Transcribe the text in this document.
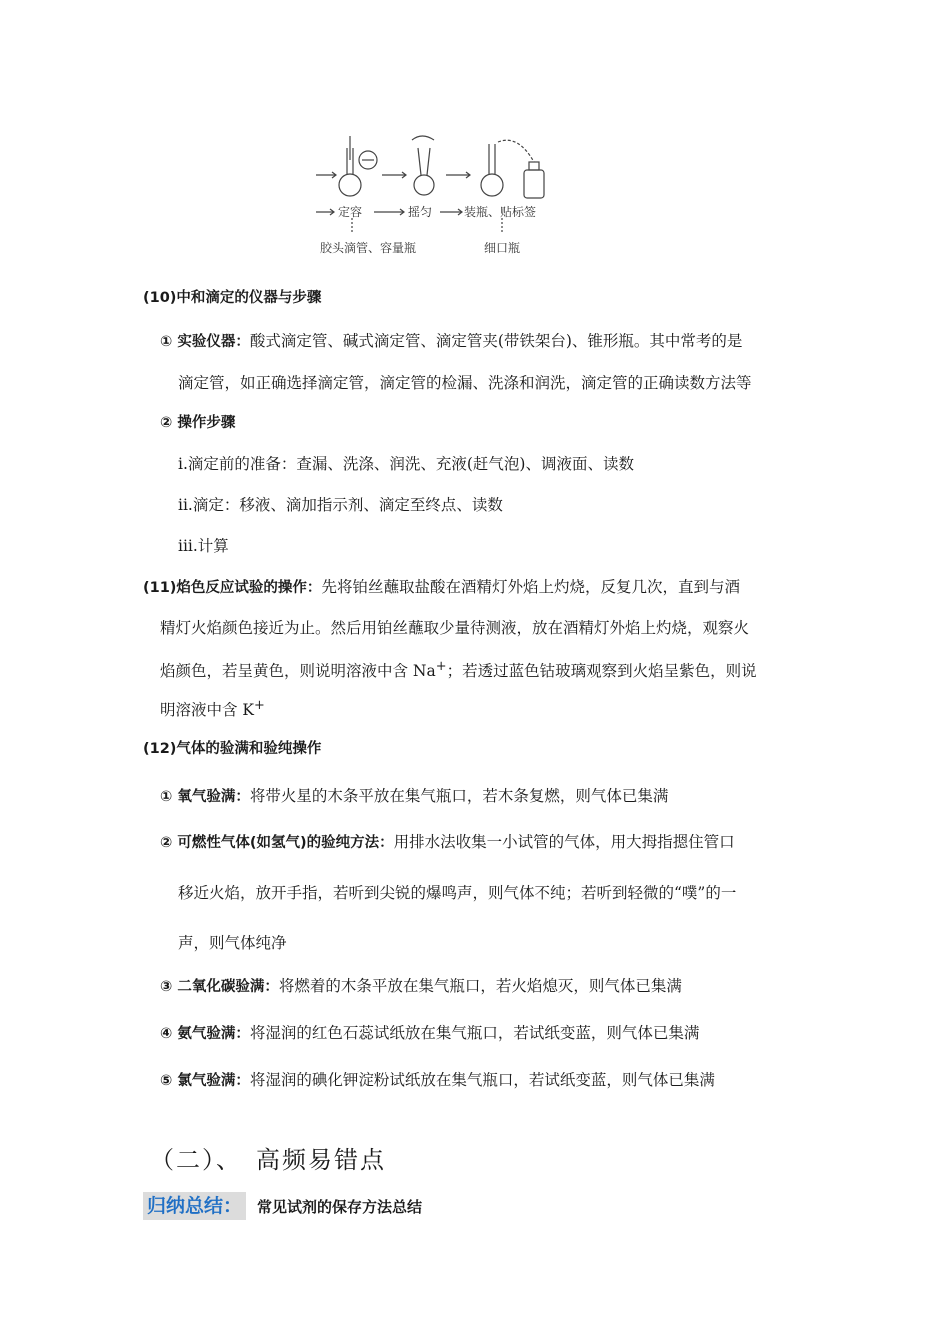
定容	摇匀	装瓶、贴标签
胶头滴管、容量瓶	细口瓶
(10)中和滴定的仪器与步骤
① 实验仪器：酸式滴定管、碱式滴定管、滴定管夹(带铁架台)、锥形瓶。其中常考的是
滴定管，如正确选择滴定管，滴定管的检漏、洗涤和润洗，滴定管的正确读数方法等
② 操作步骤
i.滴定前的准备：查漏、洗涤、润洗、充液(赶气泡)、调液面、读数
ii.滴定：移液、滴加指示剂、滴定至终点、读数
iii.计算
(11)焰色反应试验的操作：先将铂丝蘸取盐酸在酒精灯外焰上灼烧，反复几次，直到与酒
精灯火焰颜色接近为止。然后用铂丝蘸取少量待测液，放在酒精灯外焰上灼烧，观察火
焰颜色，若呈黄色，则说明溶液中含 Na+；若透过蓝色钴玻璃观察到火焰呈紫色，则说
明溶液中含 K+
(12)气体的验满和验纯操作
① 氧气验满：将带火星的木条平放在集气瓶口，若木条复燃，则气体已集满
② 可燃性气体(如氢气)的验纯方法：用排水法收集一小试管的气体，用大拇指摁住管口
移近火焰，放开手指，若听到尖锐的爆鸣声，则气体不纯；若听到轻微的“噗”的一
声，则气体纯净
③ 二氧化碳验满：将燃着的木条平放在集气瓶口，若火焰熄灭，则气体已集满
④ 氨气验满：将湿润的红色石蕊试纸放在集气瓶口，若试纸变蓝，则气体已集满
⑤ 氯气验满：将湿润的碘化钾淀粉试纸放在集气瓶口，若试纸变蓝，则气体已集满
（二）、　高频易错点
归纳总结： 常见试剂的保存方法总结
